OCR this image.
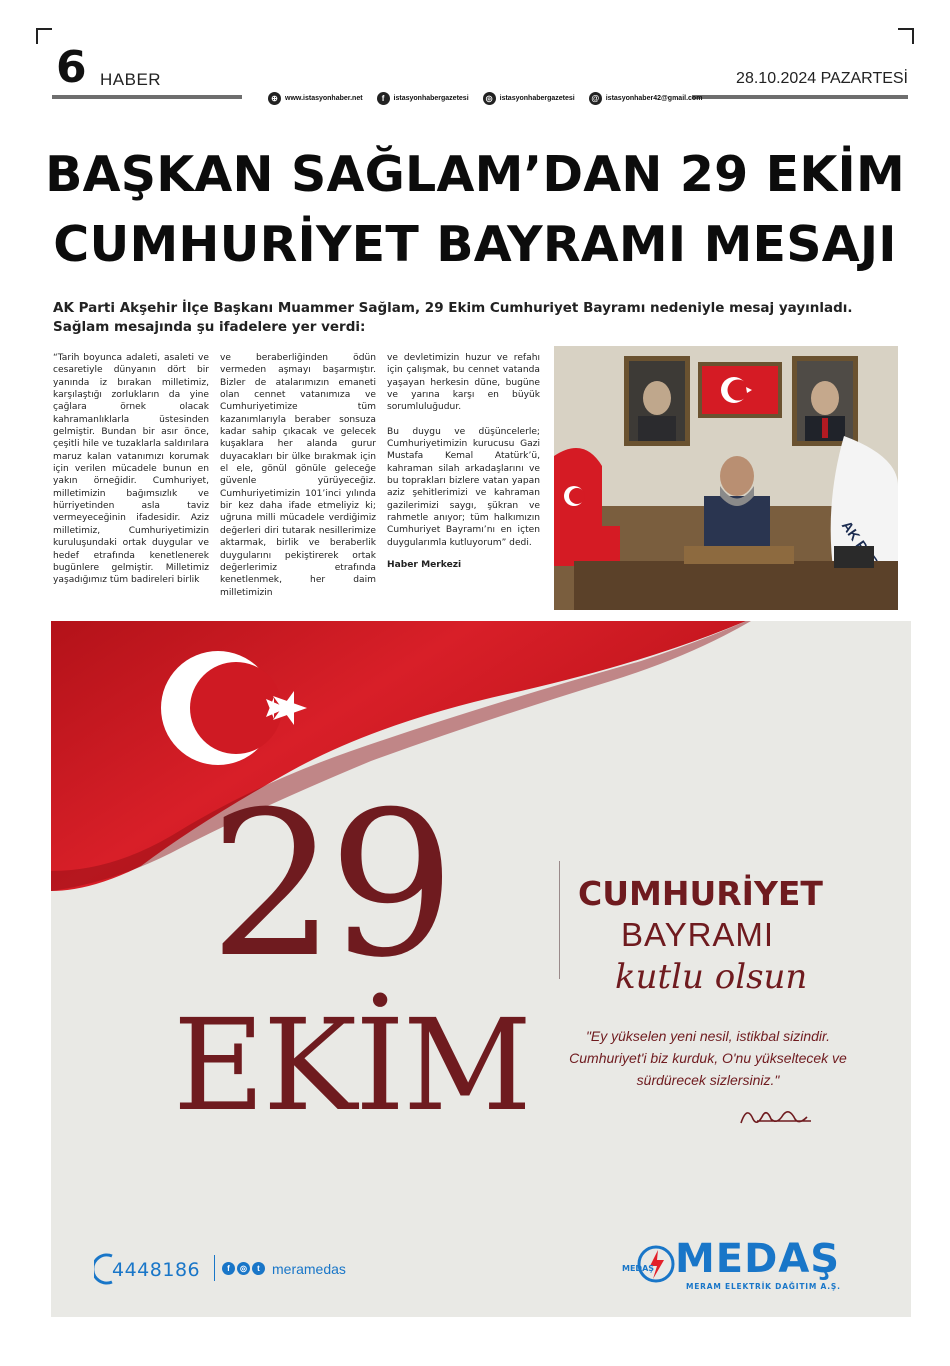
6 HABER	28.10.2024 PAZARTESİ
⊕	www.istasyonhaber.net	f	istasyonhabergazetesi	◎	istasyonhabergazetesi	@ istasyonhaber42@gmail.com
BAŞKAN SAĞLAM’DAN 29 EKİM
CUMHURİYET BAYRAMI MESAJI

AK Parti Akşehir İlçe Başkanı Muammer Sağlam, 29 Ekim Cumhuriyet Bayramı nedeniyle mesaj yayınladı. Sağlam mesajında şu ifadelere yer verdi:

“Tarih boyunca adaleti, asaleti ve cesaretiyle dünyanın dört bir yanında iz bırakan milletimiz, karşılaştığı zorlukların da yine çağlara örnek olacak kahramanlıklarla üstesinden gelmiştir. Bundan bir asır önce, çeşitli hile ve tuzaklarla saldırılara maruz kalan vatanımızı korumak için verilen mücadele bunun en yakın örneğidir. Cumhuriyet, milletimizin bağımsızlık ve hürriyetinden asla taviz vermeyeceğinin ifadesidir. Aziz milletimiz, Cumhuriyetimizin kuruluşundaki ortak duygular ve hedef etrafında kenetlenerek bugünlere gelmiştir. Milletimiz yaşadığımız tüm badireleri birlik

ve beraberliğinden ödün vermeden aşmayı başarmıştır. Bizler de atalarımızın emaneti olan cennet vatanımıza ve Cumhuriyetimize tüm kazanımlarıyla beraber sonsuza kadar sahip çıkacak ve gelecek kuşaklara her alanda gurur duyacakları bir ülke bırakmak için el ele, gönül gönüle geleceğe güvenle yürüyeceğiz. Cumhuriyetimizin 101’inci yılında bir kez daha ifade etmeliyiz ki; uğruna milli mücadele verdiğimiz değerleri diri tutarak nesillerimize aktarmak, birlik ve beraberlik duygularını pekiştirerek ortak değerlerimiz etrafında kenetlenmek, her daim milletimizin

ve devletimizin huzur ve refahı için çalışmak, bu cennet vatanda yaşayan herkesin düne, bugüne ve yarına karşı en büyük sorumluluğudur.

Bu duygu ve düşüncelerle; Cumhuriyetimizin kurucusu Gazi Mustafa Kemal Atatürk’ü, kahraman silah arkadaşlarını ve bu toprakları bizlere vatan yapan aziz şehitlerimizi ve kahraman gazilerimizi saygı, şükran ve rahmetle anıyor; tüm halkımızın Cumhuriyet Bayramı’nı en içten duygularımla kutluyorum” dedi.

Haber Merkezi
AK
29
EKİM
CUMHURİYET
BAYRAMI
kutlu olsun
"Ey yükselen yeni nesil, istikbal sizindir. Cumhuriyet'i biz kurduk, O'nu yükseltecek ve sürdürecek sizlersiniz."
4448186	f	◎	t meramedas	MEDAŞ MEDAŞ
MERAM ELEKTRİK DAĞITIM A.Ş.
